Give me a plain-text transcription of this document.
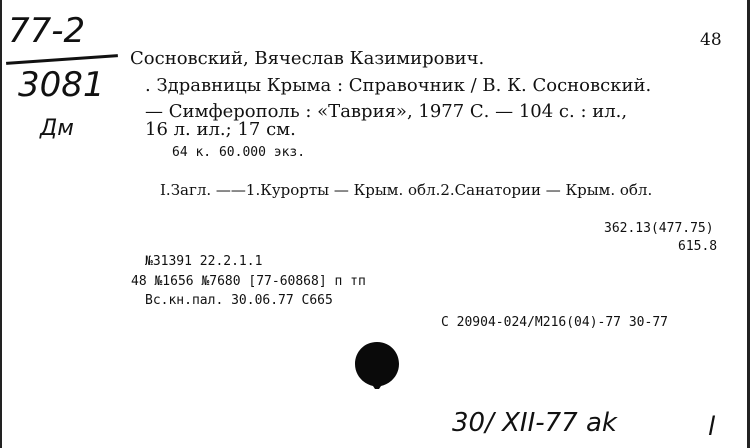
77-2
3081
Дм
48
Сосновский, Вячеслав Казимирович.
. Здравницы Крыма : Справочник / В. К. Сосновский.
— Симферополь : «Таврия», 1977 С. — 104 с. : ил.,
16 л. ил.; 17 см.
64 к. 60.000 экз.
I.Загл. ——1.Курорты — Крым. обл.2.Санатории — Крым. обл.
362.13(477.75)
615.8
№31391 22.2.1.1
48 №1656 №7680 [77-60868] п тп
Вс.кн.пал. 30.06.77 С665
С 20904-024/М216(04)-77 30-77
30/ XII-77 ak	l
